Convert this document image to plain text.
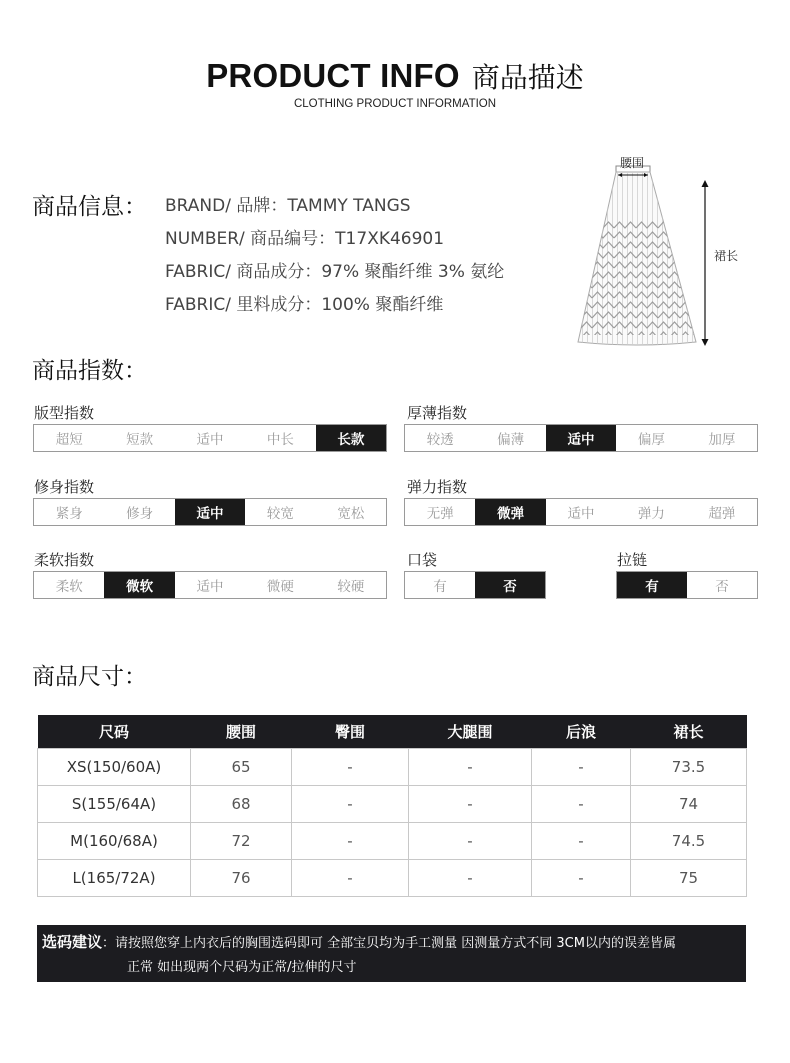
PRODUCT INFO 商品描述
CLOTHING PRODUCT INFORMATION
商品信息： BRAND/ 品牌：TAMMY TANGS
NUMBER/ 商品编号：T17XK46901
FABRIC/ 商品成分：97% 聚酯纤维 3% 氨纶
FABRIC/ 里料成分：100% 聚酯纤维
腰围
裙长
商品指数：
版型指数
超短	短款	适中	中长	长款
厚薄指数
较透	偏薄	适中	偏厚	加厚
修身指数
紧身	修身	适中	较宽	宽松
弹力指数
无弹	微弹	适中	弹力	超弹
柔软指数
柔软	微软	适中	微硬	较硬
口袋
有	否
拉链
有	否
商品尺寸：
尺码	腰围	臀围	大腿围	后浪	裙长
XS(150/60A)	65	-	-	-	73.5
S(155/64A)	68	-	-	-	74
M(160/68A)	72	-	-	-	74.5
L(165/72A)	76	-	-	-	75
选码建议：请按照您穿上内衣后的胸围选码即可 全部宝贝均为手工测量 因测量方式不同 3CM以内的误差皆属
正常 如出现两个尺码为正常/拉伸的尺寸
